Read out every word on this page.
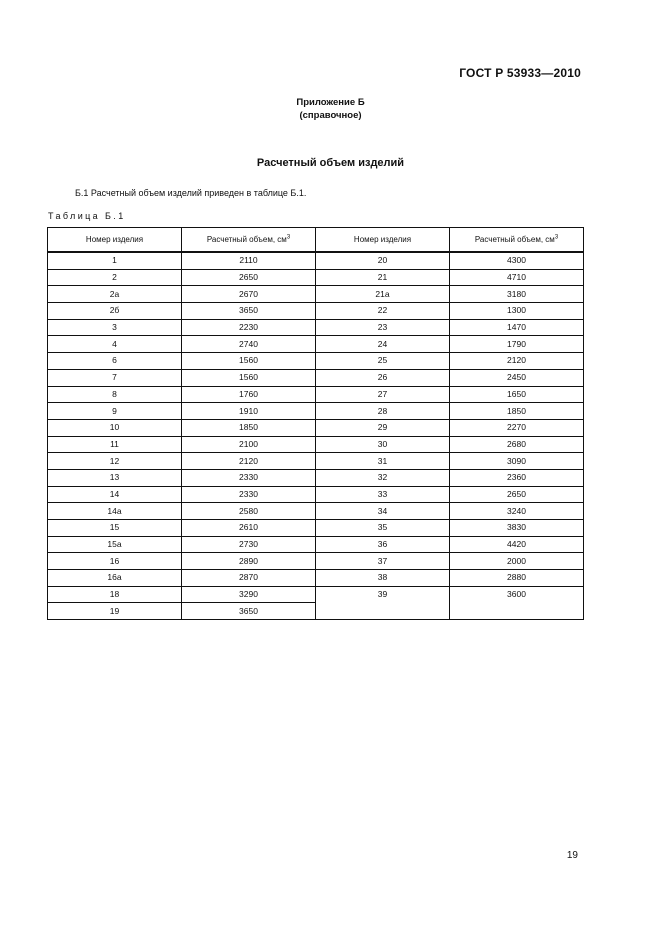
ГОСТ Р 53933—2010
Приложение Б
(справочное)
Расчетный объем изделий
Б.1 Расчетный объем изделий приведен в таблице Б.1.
Таблица Б.1
Номер изделия	Расчетный объем, $см^3$	Номер изделия	Расчетный объем, $см^3$
1	2110	20	4300
2	2650	21	4710
2а	2670	21а	3180
2б	3650	22	1300
3	2230	23	1470
4	2740	24	1790
6	1560	25	2120
7	1560	26	2450
8	1760	27	1650
9	1910	28	1850
10	1850	29	2270
11	2100	30	2680
12	2120	31	3090
13	2330	32	2360
14	2330	33	2650
14а	2580	34	3240
15	2610	35	3830
15а	2730	36	4420
16	2890	37	2000
16а	2870	38	2880
18	3290	39	3600
19	3650		
19
